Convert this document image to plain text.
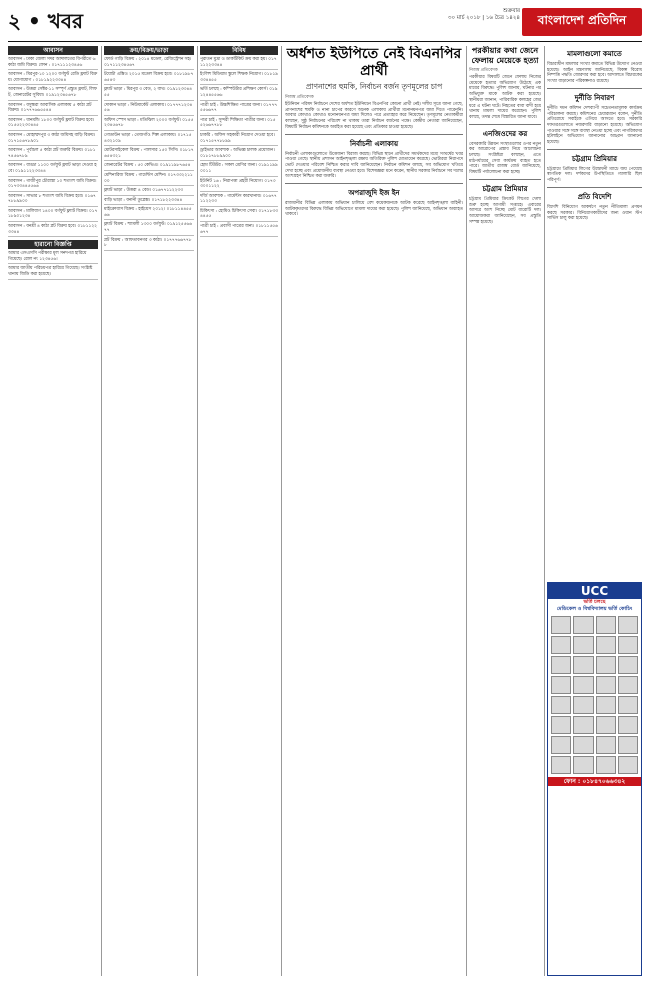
২ • খবর	শুক্রবার
৩০ মার্চ ২০১৮ | ১৬ চৈত্র ১৪২৪	বাংলাদেশ প্রতিদিন
আবাসন
আবাসন : ঢাকা জেলা সদর আদালতের বিপরীতে ৬ কাঠা জমি বিক্রয়। ফোন : ০১৭১১১২৩৪৫৬
আবাসন : মিরপুর-১০ ১২০০ বর্গফুট রেডি ফ্ল্যাট বিক্রয়। যোগাযোগ : ০১৮১৯২২৩৩৪৪
আবাসন : উত্তরা সেক্টর-১১ সম্পূর্ণ প্রস্তুত ফ্ল্যাট, লিফট, জেনারেটর সুবিধা। ০১৯১২৩৪৫৬৭৮
আবাসন : বসুন্ধরা আবাসিক এলাকায় ৫ কাঠা প্লট বিক্রয়। ০১৭৭৭৬৬৫৫৪৪
আবাসন : ধানমন্ডি ১৮০০ বর্গফুট ফ্ল্যাট বিক্রয় হবে। ০১৫৫২২৩৩৪৪৫
আবাসন : মোহাম্মদপুর ৩ কাঠা জমিসহ বাড়ি বিক্রয়। ০১৭১৫৬৭৮৯০১
আবাসন : পূর্বাচল ৫ কাঠা প্লট জরুরি বিক্রয়। ০১৮১৭৪৫৬৭৮৯
আবাসন : বাড্ডা ১১০০ বর্গফুট ফ্ল্যাট ভাড়া দেওয়া হবে। ০১৯১১২২৩৩৪৪
আবাসন : গাজীপুর চৌরাস্তা ১০ শতাংশ জমি বিক্রয়। ০১৭৩৩৪৪৫৫৬৬
আবাসন : সাভার ৮ শতাংশ জমি বিক্রয় হবে। ০১৬৭৭৮৮৯৯০০
আবাসন : মালিবাগ ১৪০০ বর্গফুট ফ্ল্যাট বিক্রয়। ০১৭১৮৯০১২৩৪
আবাসন : বনশ্রী ৪ কাঠা প্লট বিক্রয় হবে। ০১৮১১২২৩৩৪৪
হারানো বিজ্ঞপ্তি
আমার এসএসসি পরীক্ষার মূল সনদপত্র হারিয়ে গিয়েছে। রোল নং ১২৩৪৫৬।
আমার জাতীয় পরিচয়পত্র হারিয়ে গিয়েছে। সংশ্লিষ্ট থানায় জিডি করা হয়েছে।
ক্রয়/বিক্রয়/ভাড়া
ফোর্ড গাড়ি বিক্রয় : ২০১৪ মডেল, রেজিস্ট্রেশন সহ। ০১৭১১২৩৪৫৬৭
টয়োটা এক্সিও ২০১৫ মডেল বিক্রয় হবে। ০১৮১৯৮৭৬৫৪৩
ফ্ল্যাট ভাড়া : মিরপুর ৩ বেড, ২ বাথ। ০১৯১২৩৩৪৪৫৫
দোকান ভাড়া : নিউমার্কেট এলাকায়। ০১৭৭৭১২৩৪৫৬
অফিস স্পেস ভাড়া : মতিঝিল ২০০০ বর্গফুট। ০১৫৫২৩৪৫৬৭৮
গোডাউন ভাড়া : তেজগাঁও শিল্প এলাকায়। ০১৭১৫৪৩২১০৯
মোটরসাইকেল বিক্রয় : পালসার ১৫০ সিসি। ০১৮১৭৬৫৪৩২১
জেনারেটর বিক্রয় : ৫০ কেভিএ। ০১৯১১৯৮৭৬৫৪
মেশিনারিজ বিক্রয় : গার্মেন্টস মেশিন। ০১৭৩৩২২১১০০
ফ্ল্যাট ভাড়া : উত্তরা ৪ বেড। ০১৬৭৭১১২২৩৩
বাড়ি ভাড়া : বনানী ডুপ্লেক্স। ০১৭১৮২২৩৩৪৪
মাইক্রোবাস বিক্রয় : হাইয়েস ২০১২। ০১৮১১৪৪৫৫৬৬
ফ্ল্যাট বিক্রয় : শ্যামলী ১৩০০ বর্গফুট। ০১৯১২৫৫৬৬৭৭
প্লট বিক্রয় : আফতাবনগর ৩ কাঠা। ০১৭৭৭৬৬৭৭৮৮
বিবিধ
পুরাতন মুদ্রা ও ডাকটিকিট ক্রয় করা হয়। ০১৭১১২২৩৩৪৪
ইংলিশ মিডিয়াম স্কুলে শিক্ষক নিয়োগ। ০১৮১৯৩৩৪৪৫৫
ভর্তি চলছে : কম্পিউটার প্রশিক্ষণ কোর্স। ০১৯১২৪৪৫৫৬৬
পাত্রী চাই : উচ্চশিক্ষিত পাত্রের জন্য। ০১৭৭৭৫৫৬৬৭৭
পাত্র চাই : সুন্দরী শিক্ষিতা পাত্রীর জন্য। ০১৫৫২৬৬৭৭৮৮
চাকরি : অফিস সহকারী নিয়োগ দেওয়া হবে। ০১৭১৫৭৭৮৮৯৯
ড্রাইভার আবশ্যক : অভিজ্ঞ চালক প্রয়োজন। ০১৮১৭৮৮৯৯০০
হোম টিউটর : সকল শ্রেণির জন্য। ০১৯১১৯৯০০১১
ইউনিট ১৬ : নিরাপত্তা প্রহরী নিয়োগ। ০১৭৩৩০০১১২২
দর্জি আবশ্যক : গার্মেন্টস কারখানায়। ০১৬৭৭১১২২৩৩
চিকিৎসা : হোমিও চিকিৎসা সেবা। ০১৭১৮৩৩৪৪৫৫
পাত্রী চাই : প্রবাসী পাত্রের জন্য। ০১৮১১৫৫৬৬৭৭
অর্ধশত ইউপিতে নেই বিএনপির প্রার্থী
প্রাণনাশের হুমকি, নির্বাচন বর্জন তৃণমূলের চাপ
নিজস্ব প্রতিবেদক
ইউনিয়ন পরিষদ নির্বাচনে দেশের অর্ধশত ইউনিয়নে বিএনপির কোনো প্রার্থী নেই। দলীয় সূত্রে জানা গেছে, প্রাণনাশের হুমকি ও নানা চাপের কারণে অনেক এলাকায় প্রার্থীরা মনোনয়নপত্র জমা দিতে পারেননি। আবার কোথাও কোথাও মনোনয়নপত্র জমা দিলেও পরে প্রত্যাহার করে নিয়েছেন। তৃণমূলের নেতাকর্মীরা বলছেন, সুষ্ঠু নির্বাচনের পরিবেশ না থাকায় তারা নির্বাচন বর্জনের পক্ষে। কেন্দ্রীয় নেতারা জানিয়েছেন, বিষয়টি নির্বাচন কমিশনকে অবহিত করা হয়েছে এবং প্রতিকার চাওয়া হয়েছে।
নির্বাচনী এলাকায়
নির্বাচনী এলাকাগুলোতে উত্তেজনা বিরাজ করছে। বিভিন্ন স্থানে প্রার্থীদের সমর্থকদের মধ্যে সংঘর্ষের খবর পাওয়া গেছে। স্থানীয় প্রশাসন আইনশৃঙ্খলা রক্ষায় অতিরিক্ত পুলিশ মোতায়েন করেছে। ভোটাররা নিরাপদে ভোট দেওয়ার পরিবেশ নিশ্চিত করার দাবি জানিয়েছেন। নির্বাচন কমিশন বলছে, সব অভিযোগ খতিয়ে দেখা হচ্ছে এবং প্রয়োজনীয় ব্যবস্থা নেওয়া হবে। বিশেষজ্ঞরা মনে করেন, স্থানীয় সরকার নির্বাচনে সব দলের অংশগ্রহণ নিশ্চিত করা জরুরি।
অপরাজুদি ইজ ইন
রাজধানীর বিভিন্ন এলাকায় অভিযান চালিয়ে বেশ কয়েকজনকে আটক করেছে আইনশৃঙ্খলা বাহিনী। আটককৃতদের বিরুদ্ধে বিভিন্ন অভিযোগে মামলা দায়ের করা হয়েছে। পুলিশ জানিয়েছে, অভিযান অব্যাহত থাকবে।
পরকীয়ার কথা জেনে ফেলায় মেয়েকে হত্যা
নিজস্ব প্রতিবেদক
পরকীয়ার বিষয়টি জেনে ফেলায় নিজের মেয়েকে হত্যার অভিযোগ উঠেছে এক মায়ের বিরুদ্ধে। পুলিশ জানায়, ঘটনার পর অভিযুক্ত মাকে আটক করা হয়েছে। স্থানীয়রা জানান, পারিবারিক কলহের জের ধরে এ ঘটনা ঘটে। নিহতের বাবা বাদী হয়ে থানায় মামলা দায়ের করেছেন। পুলিশ বলছে, তদন্ত শেষে বিস্তারিত জানা যাবে।
এনজিওদের কর
বেসরকারি উন্নয়ন সংস্থাগুলোর ওপর নতুন কর আরোপের প্রস্তাব নিয়ে আলোচনা চলছে। সংশ্লিষ্টরা বলছেন, এতে মাঠপর্যায়ের সেবা কার্যক্রম ব্যাহত হতে পারে। জাতীয় রাজস্ব বোর্ড জানিয়েছে, বিষয়টি পর্যালোচনা করা হচ্ছে।
চট্টগ্রাম প্রিমিয়ার
চট্টগ্রাম প্রিমিয়ার ক্রিকেট লিগের খেলা শুরু হচ্ছে আগামী সপ্তাহে। এবারের আসরে অংশ নিচ্ছে মোট বারোটি দল। আয়োজকরা জানিয়েছেন, সব প্রস্তুতি সম্পন্ন হয়েছে।
মামলাগুলো কমাতে
বিচারাধীন মামলার সংখ্যা কমাতে বিভিন্ন উদ্যোগ নেওয়া হয়েছে। আইন মন্ত্রণালয় জানিয়েছে, বিকল্প বিরোধ নিষ্পত্তি পদ্ধতি জোরদার করা হবে। আদালতে বিচারকের সংখ্যা বাড়ানোর পরিকল্পনাও রয়েছে।
দুর্নীতি নিবারণ
দুর্নীতি দমন কমিশন দেশব্যাপী সচেতনতামূলক কার্যক্রম পরিচালনা করছে। কমিশনের চেয়ারম্যান বলেন, দুর্নীতি প্রতিরোধে সবাইকে এগিয়ে আসতে হবে। সরকারি দফতরগুলোতে নজরদারি বাড়ানো হয়েছে। অভিযোগ পাওয়ার সঙ্গে সঙ্গে ব্যবস্থা নেওয়া হচ্ছে এবং নাগরিকদের হটলাইনে অভিযোগ জানানোর আহ্বান জানানো হয়েছে।
চট্টগ্রাম প্রিমিয়ার
চট্টগ্রামে প্রিমিয়ার লিগের উদ্বোধনী ম্যাচে জয় পেয়েছে স্বাগতিক দল। দর্শকদের উপস্থিতিতে গ্যালারি ছিল পরিপূর্ণ।
প্রতি বিদেশি
বিদেশি বিনিয়োগ আকর্ষণে নতুন নীতিমালা প্রণয়ন করছে সরকার। বিনিয়োগকারীদের জন্য ওয়ান স্টপ সার্ভিস চালু করা হয়েছে।
UCC
ভর্তি চলছে
মেডিকেল ও বিশ্ববিদ্যালয় ভর্তি কোচিং
ফোন : ০১৮৪৭০৬৬৩৪২
